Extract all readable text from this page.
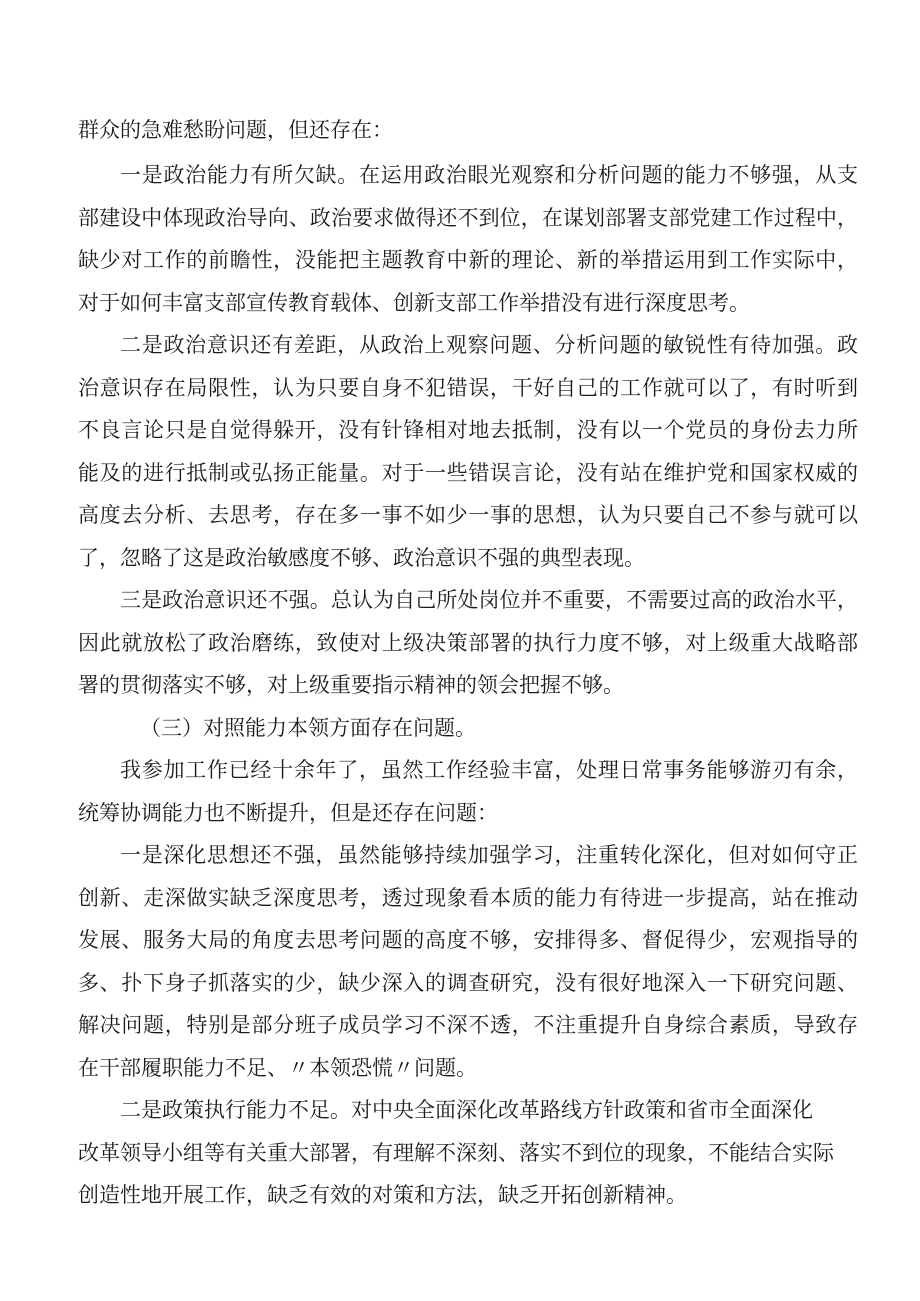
群众的急难愁盼问题，但还存在：

一是政治能力有所欠缺。在运用政治眼光观察和分析问题的能力不够强，从支

部建设中体现政治导向、政治要求做得还不到位，在谋划部署支部党建工作过程中，

缺少对工作的前瞻性，没能把主题教育中新的理论、新的举措运用到工作实际中，

对于如何丰富支部宣传教育载体、创新支部工作举措没有进行深度思考。

二是政治意识还有差距，从政治上观察问题、分析问题的敏锐性有待加强。政

治意识存在局限性，认为只要自身不犯错误，干好自己的工作就可以了，有时听到

不良言论只是自觉得躲开，没有针锋相对地去抵制，没有以一个党员的身份去力所

能及的进行抵制或弘扬正能量。对于一些错误言论，没有站在维护党和国家权威的

高度去分析、去思考，存在多一事不如少一事的思想，认为只要自己不参与就可以

了，忽略了这是政治敏感度不够、政治意识不强的典型表现。

三是政治意识还不强。总认为自己所处岗位并不重要，不需要过高的政治水平，

因此就放松了政治磨练，致使对上级决策部署的执行力度不够，对上级重大战略部

署的贯彻落实不够，对上级重要指示精神的领会把握不够。

（三）对照能力本领方面存在问题。

我参加工作已经十余年了，虽然工作经验丰富，处理日常事务能够游刃有余，

统筹协调能力也不断提升，但是还存在问题：

一是深化思想还不强，虽然能够持续加强学习，注重转化深化，但对如何守正

创新、走深做实缺乏深度思考，透过现象看本质的能力有待进一步提高，站在推动

发展、服务大局的角度去思考问题的高度不够，安排得多、督促得少，宏观指导的

多、扑下身子抓落实的少，缺少深入的调查研究，没有很好地深入一下研究问题、

解决问题，特别是部分班子成员学习不深不透，不注重提升自身综合素质，导致存

在干部履职能力不足、〃本领恐慌〃问题。

二是政策执行能力不足。对中央全面深化改革路线方针政策和省市全面深化

改革领导小组等有关重大部署，有理解不深刻、落实不到位的现象，不能结合实际

创造性地开展工作，缺乏有效的对策和方法，缺乏开拓创新精神。
